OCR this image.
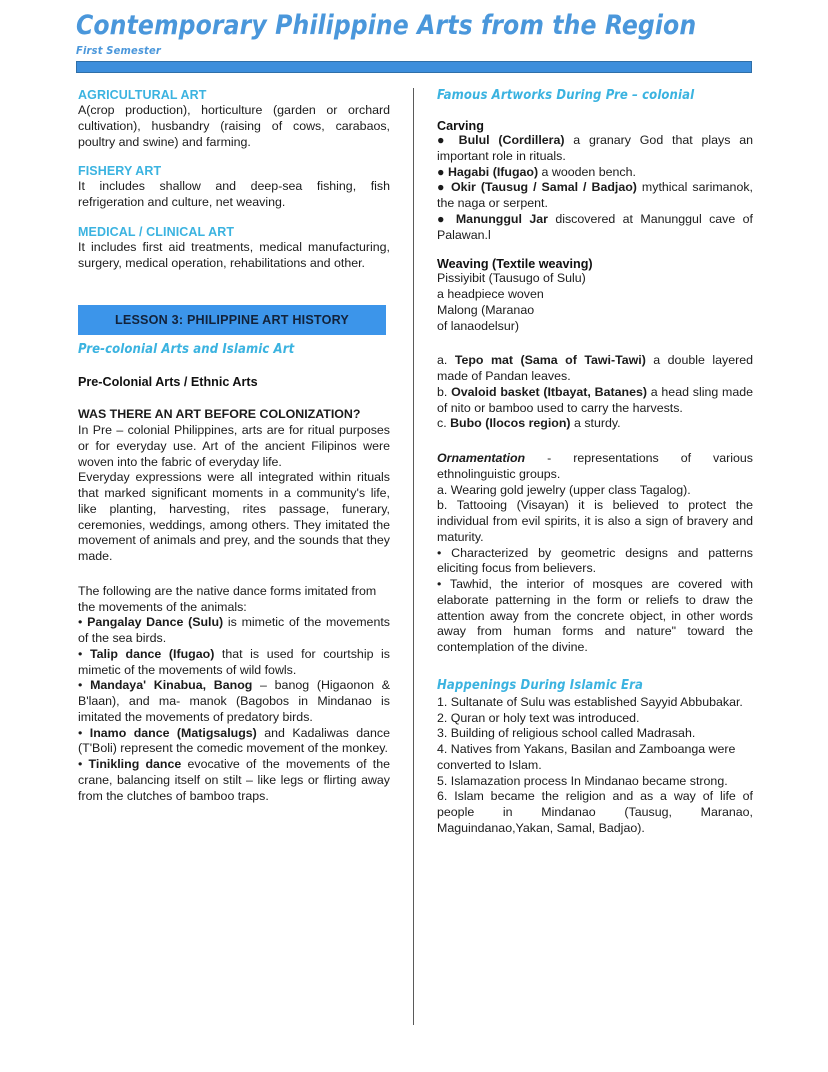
Contemporary Philippine Arts from the Region
First Semester
AGRICULTURAL ART

A(crop production), horticulture (garden or orchard cultivation), husbandry (raising of cows, carabaos, poultry and swine) and farming.

FISHERY ART

It includes shallow and deep-sea fishing, fish refrigeration and culture, net weaving.

MEDICAL / CLINICAL ART

It includes first aid treatments, medical manufacturing, surgery, medical operation, rehabilitations and other.

LESSON 3: PHILIPPINE ART HISTORY
Pre-colonial Arts and Islamic Art
Pre-Colonial Arts / Ethnic Arts

WAS THERE AN ART BEFORE COLONIZATION?

In Pre – colonial Philippines, arts are for ritual purposes or for everyday use. Art of the ancient Filipinos were woven into the fabric of everyday life.

Everyday expressions were all integrated within rituals that marked significant moments in a community's life, like planting, harvesting, rites passage, funerary, ceremonies, weddings, among others. They imitated the movement of animals and prey, and the sounds that they made.

The following are the native dance forms imitated from the movements of the animals:

• Pangalay Dance (Sulu) is mimetic of the movements of the sea birds.

• Talip dance (Ifugao) that is used for courtship is mimetic of the movements of wild fowls.

• Mandaya' Kinabua, Banog – banog (Higaonon & B'laan), and ma- manok (Bagobos in Mindanao is imitated the movements of predatory birds.

• Inamo dance (Matigsalugs) and Kadaliwas dance (T'Boli) represent the comedic movement of the monkey.

• Tinikling dance evocative of the movements of the crane, balancing itself on stilt – like legs or flirting away from the clutches of bamboo traps.

Famous Artworks During Pre – colonial
Carving

● Bulul (Cordillera) a granary God that plays an important role in rituals.

● Hagabi (Ifugao) a wooden bench.

● Okir (Tausug / Samal / Badjao) mythical sarimanok, the naga or serpent.

● Manunggul Jar discovered at Manunggul cave of Palawan.l

Weaving (Textile weaving)

Pissiyibit (Tausugo of Sulu)

a headpiece woven

Malong (Maranao

of lanaodelsur)

a. Tepo mat (Sama of Tawi-Tawi) a double layered made of Pandan leaves.

b. Ovaloid basket (Itbayat, Batanes) a head sling made of nito or bamboo used to carry the harvests.

c. Bubo (Ilocos region) a sturdy.

Ornamentation - representations of various ethnolinguistic groups.

a. Wearing gold jewelry (upper class Tagalog).

b. Tattooing (Visayan) it is believed to protect the individual from evil spirits, it is also a sign of bravery and maturity.

• Characterized by geometric designs and patterns eliciting focus from believers.

• Tawhid, the interior of mosques are covered with elaborate patterning in the form or reliefs to draw the attention away from the concrete object, in other words away from human forms and nature" toward the contemplation of the divine.

Happenings During Islamic Era

1. Sultanate of Sulu was established Sayyid Abbubakar.

2. Quran or holy text was introduced.

3. Building of religious school called Madrasah.

4. Natives from Yakans, Basilan and Zamboanga were converted to Islam.

5. Islamazation process In Mindanao became strong.

6. Islam became the religion and as a way of life of people in Mindanao (Tausug, Maranao, Maguindanao,Yakan, Samal, Badjao).
